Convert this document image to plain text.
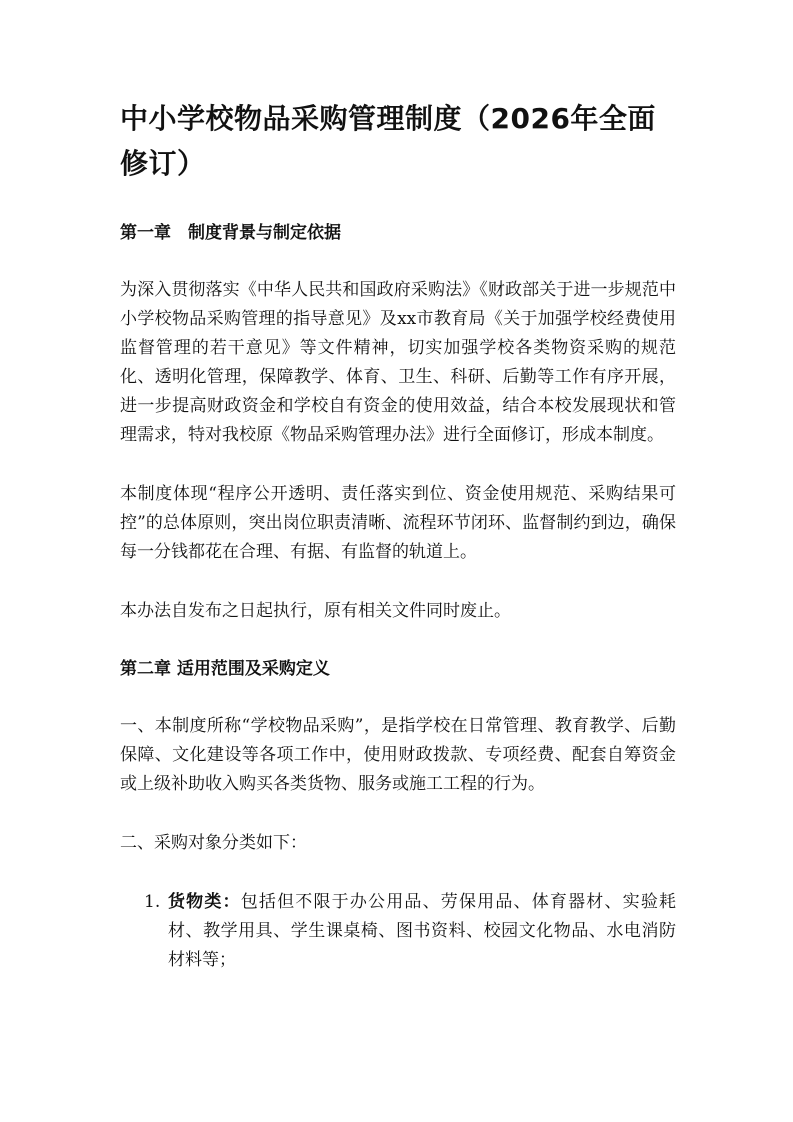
中小学校物品采购管理制度（2026年全面修订）
第一章　制度背景与制定依据

为深入贯彻落实《中华人民共和国政府采购法》《财政部关于进一步规范中小学校物品采购管理的指导意见》及xx市教育局《关于加强学校经费使用监督管理的若干意见》等文件精神，切实加强学校各类物资采购的规范化、透明化管理，保障教学、体育、卫生、科研、后勤等工作有序开展，进一步提高财政资金和学校自有资金的使用效益，结合本校发展现状和管理需求，特对我校原《物品采购管理办法》进行全面修订，形成本制度。

本制度体现“程序公开透明、责任落实到位、资金使用规范、采购结果可控”的总体原则，突出岗位职责清晰、流程环节闭环、监督制约到边，确保每一分钱都花在合理、有据、有监督的轨道上。

本办法自发布之日起执行，原有相关文件同时废止。

第二章 适用范围及采购定义

一、本制度所称“学校物品采购”，是指学校在日常管理、教育教学、后勤保障、文化建设等各项工作中，使用财政拨款、专项经费、配套自筹资金或上级补助收入购买各类货物、服务或施工工程的行为。

二、采购对象分类如下：

1. 货物类：包括但不限于办公用品、劳保用品、体育器材、实验耗材、教学用具、学生课桌椅、图书资料、校园文化物品、水电消防材料等；
